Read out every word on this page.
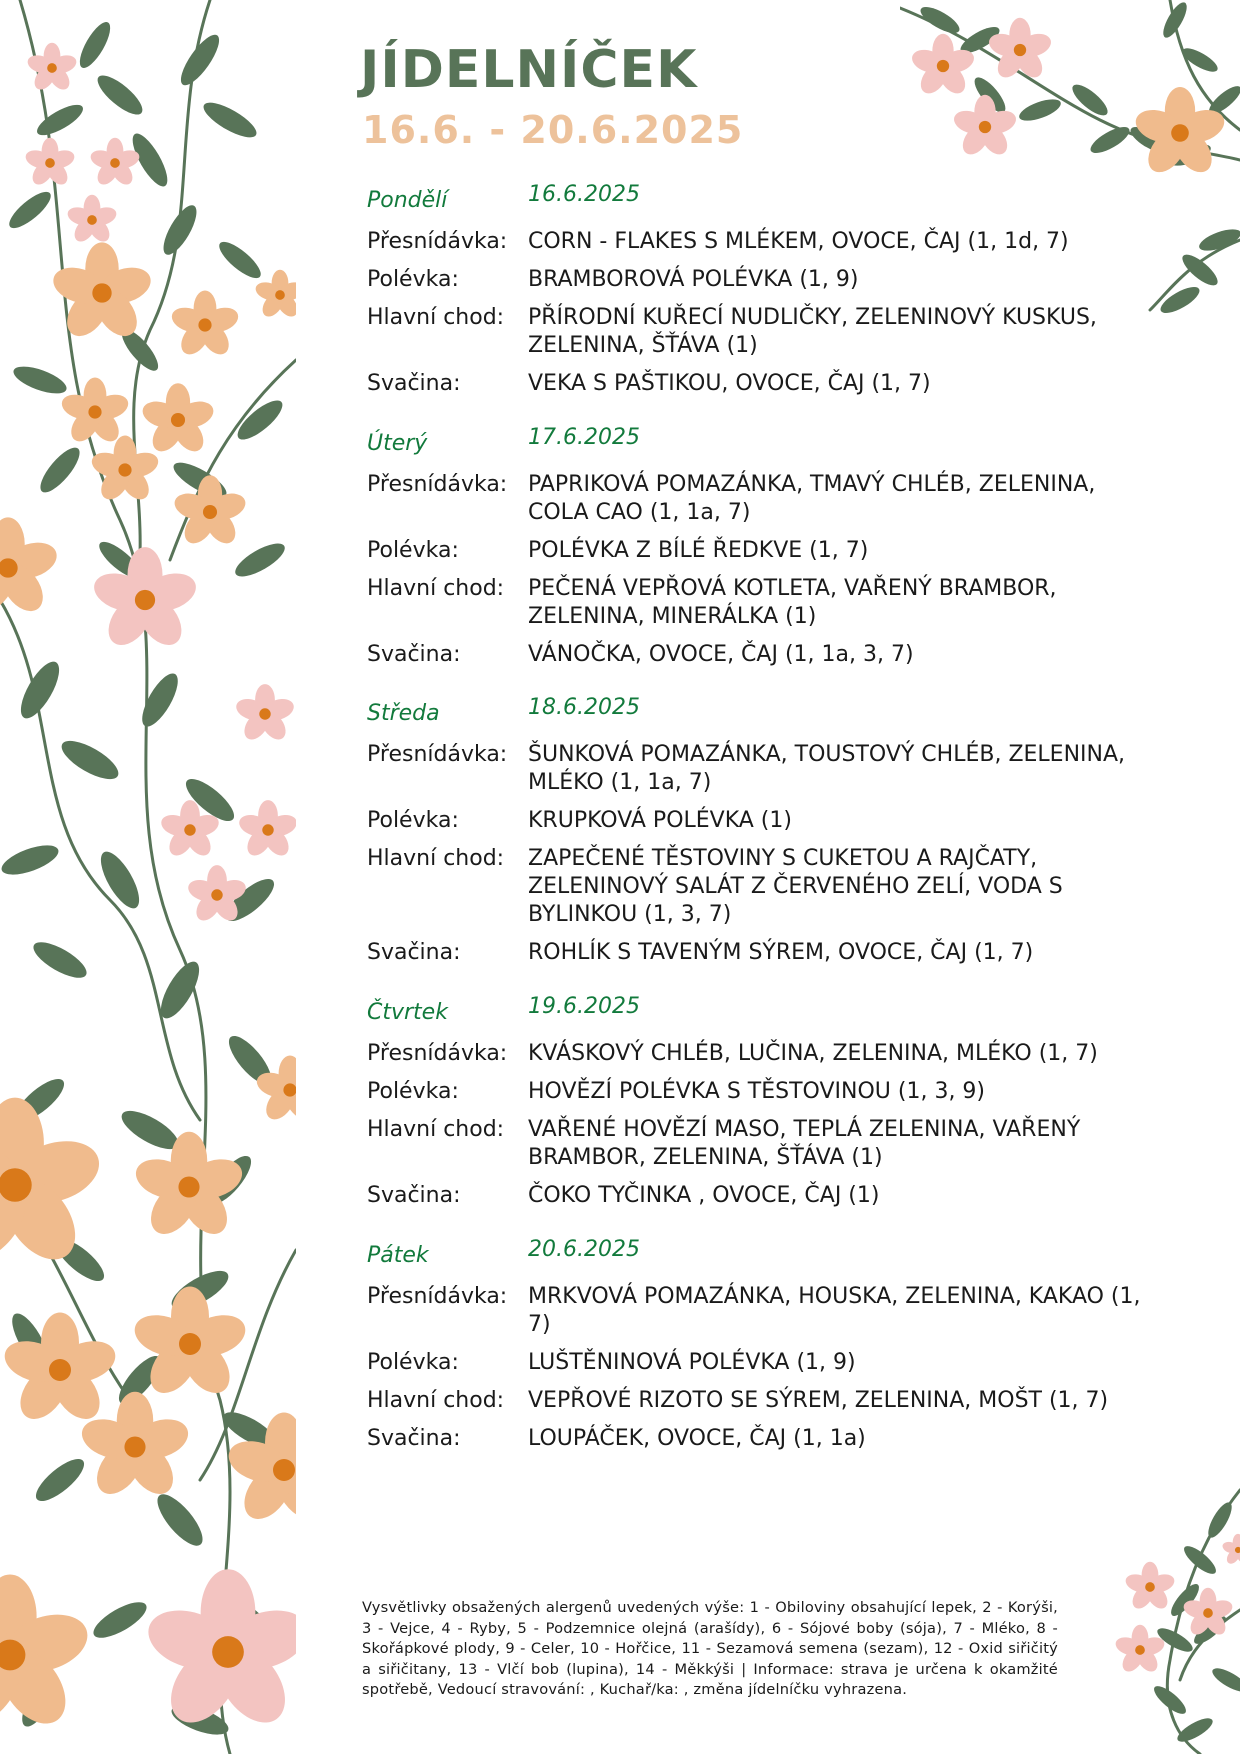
JÍDELNÍČEK
16.6. - 20.6.2025
Pondělí	16.6.2025
Přesnídávka: CORN - FLAKES S MLÉKEM, OVOCE, ČAJ (1, 1d, 7)
Polévka:	BRAMBOROVÁ POLÉVKA (1, 9)
Hlavní chod:	PŘÍRODNÍ KUŘECÍ NUDLIČKY, ZELENINOVÝ KUSKUS, ZELENINA, ŠŤÁVA (1)
Svačina:	VEKA S PAŠTIKOU, OVOCE, ČAJ (1, 7)
Úterý	17.6.2025
Přesnídávka: PAPRIKOVÁ POMAZÁNKA, TMAVÝ CHLÉB, ZELENINA, COLA CAO (1, 1a, 7)
Polévka:	POLÉVKA Z BÍLÉ ŘEDKVE (1, 7)
Hlavní chod:	PEČENÁ VEPŘOVÁ KOTLETA, VAŘENÝ BRAMBOR, ZELENINA, MINERÁLKA (1)
Svačina:	VÁNOČKA, OVOCE, ČAJ (1, 1a, 3, 7)
Středa	18.6.2025
Přesnídávka: ŠUNKOVÁ POMAZÁNKA, TOUSTOVÝ CHLÉB, ZELENINA, MLÉKO (1, 1a, 7)
Polévka:	KRUPKOVÁ POLÉVKA (1)
Hlavní chod:	ZAPEČENÉ TĚSTOVINY S CUKETOU A RAJČATY, ZELENINOVÝ SALÁT Z ČERVENÉHO ZELÍ, VODA S BYLINKOU (1, 3, 7)
Svačina:	ROHLÍK S TAVENÝM SÝREM, OVOCE, ČAJ (1, 7)
Čtvrtek	19.6.2025
Přesnídávka: KVÁSKOVÝ CHLÉB, LUČINA, ZELENINA, MLÉKO (1, 7)
Polévka:	HOVĚZÍ POLÉVKA S TĚSTOVINOU (1, 3, 9)
Hlavní chod:	VAŘENÉ HOVĚZÍ MASO, TEPLÁ ZELENINA, VAŘENÝ BRAMBOR, ZELENINA, ŠŤÁVA (1)
Svačina:	ČOKO TYČINKA , OVOCE, ČAJ (1)
Pátek	20.6.2025
Přesnídávka: MRKVOVÁ POMAZÁNKA, HOUSKA, ZELENINA, KAKAO (1, 7)
Polévka:	LUŠTĚNINOVÁ POLÉVKA (1, 9)
Hlavní chod:	VEPŘOVÉ RIZOTO SE SÝREM, ZELENINA, MOŠT (1, 7)
Svačina:	LOUPÁČEK, OVOCE, ČAJ (1, 1a)
Vysvětlivky obsažených alergenů uvedených výše: 1 - Obiloviny obsahující lepek, 2 - Korýši, 3 - Vejce, 4 - Ryby, 5 - Podzemnice olejná (arašídy), 6 - Sójové boby (sója), 7 - Mléko, 8 - Skořápkové plody, 9 - Celer, 10 - Hořčice, 11 - Sezamová semena (sezam), 12 - Oxid siřičitý a siřičitany, 13 - Vlčí bob (lupina), 14 - Měkkýši | Informace: strava je určena k okamžité spotřebě, Vedoucí stravování: , Kuchař/ka: , změna jídelníčku vyhrazena.
